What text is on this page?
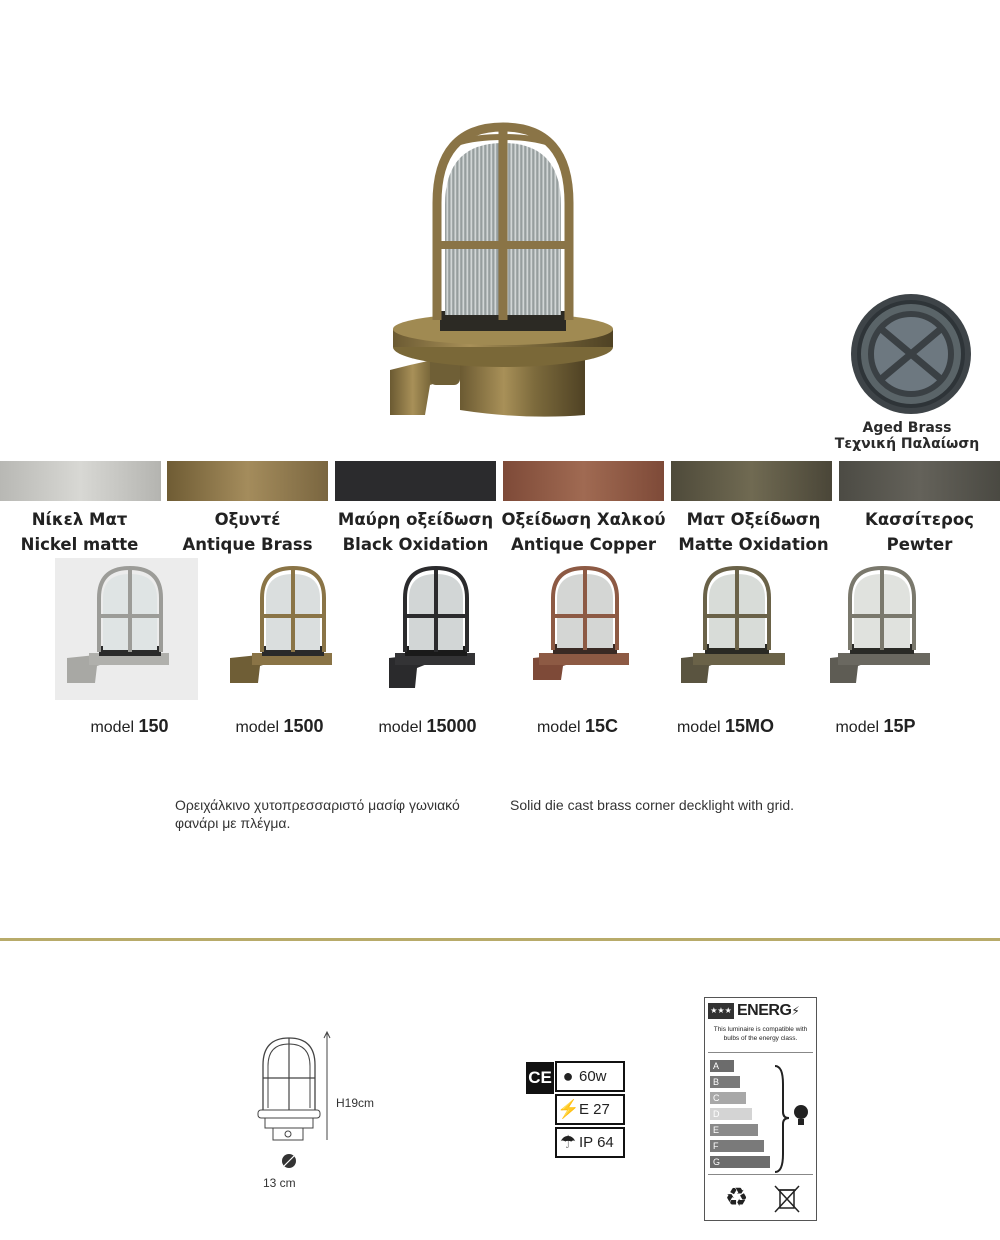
Aged Brass
Τεχνική Παλαίωση
Νίκελ Ματ
Nickel matte
Οξυντέ
Antique Brass
Μαύρη οξείδωση
Black Oxidation
Οξείδωση Χαλκού
Antique Copper
Ματ Οξείδωση
Matte Oxidation
Κασσίτερος
Pewter
model 150	model 1500	model 15000	model 15C	model 15MO	model 15P
Ορειχάλκινο χυτοπρεσσαριστό μασίφ γωνιακό φανάρι με πλέγμα.
Solid die cast brass corner decklight with grid.
H19cm
13 cm
CE ● 60w
⚡ E 27
☂ IP 64
★★★ ENERG ⚡
This luminaire is compatible with bulbs of the energy class.
A
B
C
D
E
F
G
♻
